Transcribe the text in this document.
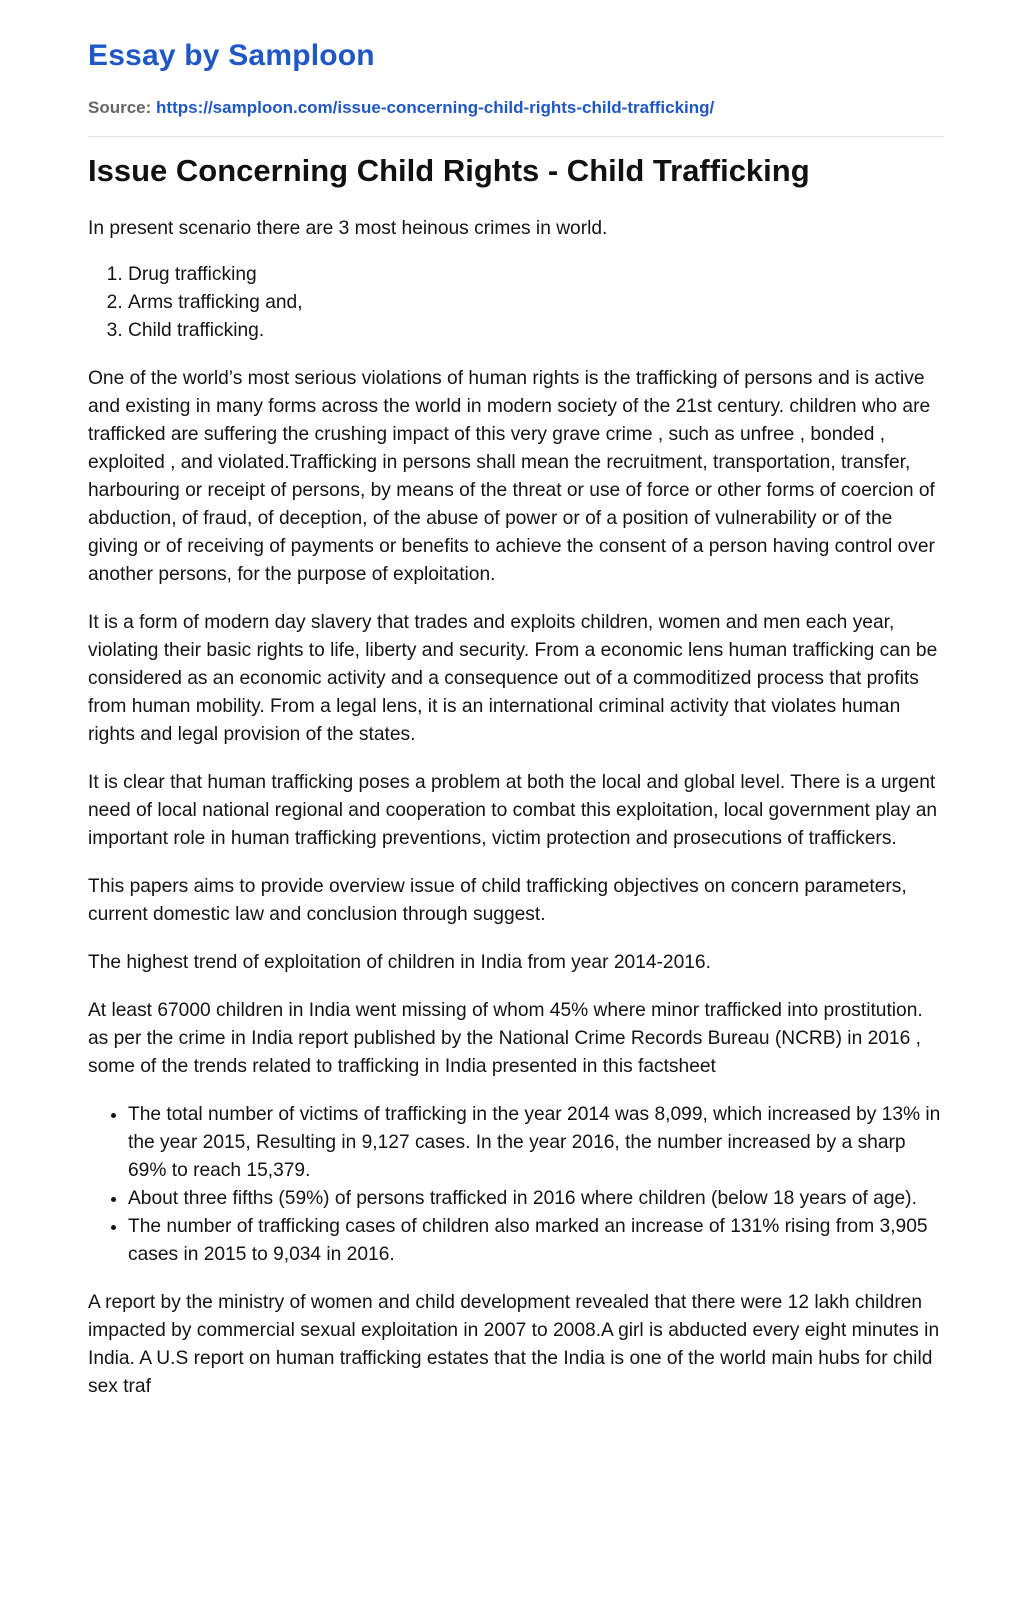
Essay by Samploon
Source: https://samploon.com/issue-concerning-child-rights-child-trafficking/
Issue Concerning Child Rights - Child Trafficking

In present scenario there are 3 most heinous crimes in world.

1. Drug trafficking
2. Arms trafficking and,
3. Child trafficking.

One of the world’s most serious violations of human rights is the trafficking of persons and is active and existing in many forms across the world in modern society of the 21st century. children who are trafficked are suffering the crushing impact of this very grave crime , such as unfree , bonded , exploited , and violated.Trafficking in persons shall mean the recruitment, transportation, transfer, harbouring or receipt of persons, by means of the threat or use of force or other forms of coercion of abduction, of fraud, of deception, of the abuse of power or of a position of vulnerability or of the giving or of receiving of payments or benefits to achieve the consent of a person having control over another persons, for the purpose of exploitation.

It is a form of modern day slavery that trades and exploits children, women and men each year, violating their basic rights to life, liberty and security. From a economic lens human trafficking can be considered as an economic activity and a consequence out of a commoditized process that profits from human mobility. From a legal lens, it is an international criminal activity that violates human rights and legal provision of the states.

It is clear that human trafficking poses a problem at both the local and global level. There is a urgent need of local national regional and cooperation to combat this exploitation, local government play an important role in human trafficking preventions, victim protection and prosecutions of traffickers.

This papers aims to provide overview issue of child trafficking objectives on concern parameters, current domestic law and conclusion through suggest.

The highest trend of exploitation of children in India from year 2014-2016.

At least 67000 children in India went missing of whom 45% where minor trafficked into prostitution. as per the crime in India report published by the National Crime Records Bureau (NCRB) in 2016 , some of the trends related to trafficking in India presented in this factsheet

• The total number of victims of trafficking in the year 2014 was 8,099, which increased by 13% in the year 2015, Resulting in 9,127 cases. In the year 2016, the number increased by a sharp 69% to reach 15,379.
• About three fifths (59%) of persons trafficked in 2016 where children (below 18 years of age).
• The number of trafficking cases of children also marked an increase of 131% rising from 3,905 cases in 2015 to 9,034 in 2016.

A report by the ministry of women and child development revealed that there were 12 lakh children impacted by commercial sexual exploitation in 2007 to 2008.A girl is abducted every eight minutes in India. A U.S report on human trafficking estates that the India is one of the world main hubs for child sex traf
